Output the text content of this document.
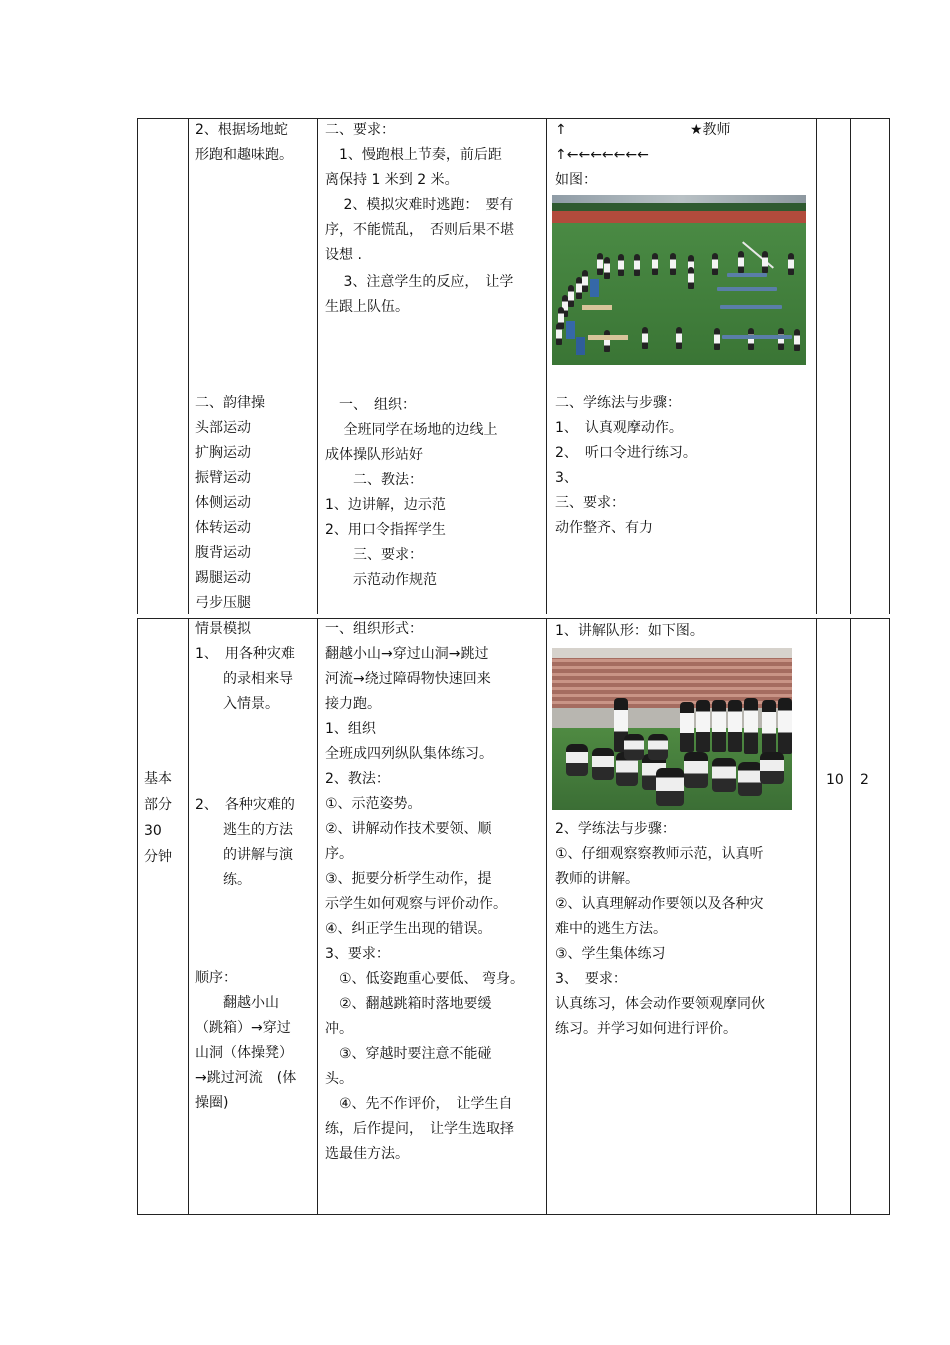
2、根据场地蛇
形跑和趣味跑。
二、要求：
　1、慢跑根上节奏，前后距
离保持 1 米到 2 米。
　 2、模拟灾难时逃跑：　要有
序，不能慌乱，　否则后果不堪
设想 .
　 3、注意学生的反应，　让学
生跟上队伍。
↑	★教师
↑←←←←←←←
如图：
二、韵律操
头部运动
扩胸运动
振臂运动
体侧运动
体转运动
腹背运动
踢腿运动
弓步压腿
　一、　组织：
　 全班同学在场地的边线上
成体操队形站好
　　二、教法：
1、边讲解，边示范
2、用口令指挥学生
　　三、要求：
　　示范动作规范
二、学练法与步骤：
1、　认真观摩动作。
2、　听口令进行练习。
3、
三、要求：
动作整齐、有力
基本
部分
30
分钟
情景模拟
1、　用各种灾难
　　的录相来导
　　入情景。
2、　各种灾难的
　　逃生的方法
　　的讲解与演
　　练。
顺序：
　　翻越小山
（跳箱）→穿过
山洞（体操凳）
→跳过河流　(体
操圈)
一、组织形式：
翻越小山→穿过山洞→跳过
河流→绕过障碍物快速回来
接力跑。
1、组织
全班成四列纵队集体练习。
2、教法：
①、示范姿势。
②、讲解动作技术要领、顺
序。
③、扼要分析学生动作，提
示学生如何观察与评价动作。
④、纠正学生出现的错误。
3、要求：
　①、低姿跑重心要低、 弯身。
　②、翻越跳箱时落地要缓
冲。
　③、穿越时要注意不能碰
头。
　④、先不作评价，　让学生自
练，后作提问，　让学生选取择
选最佳方法。
1、讲解队形：如下图。
2、学练法与步骤：
①、仔细观察察教师示范，认真听
教师的讲解。
②、认真理解动作要领以及各种灾
难中的逃生方法。
③、学生集体练习
3、　要求：
认真练习，体会动作要领观摩同伙
练习。并学习如何进行评价。
10 2
